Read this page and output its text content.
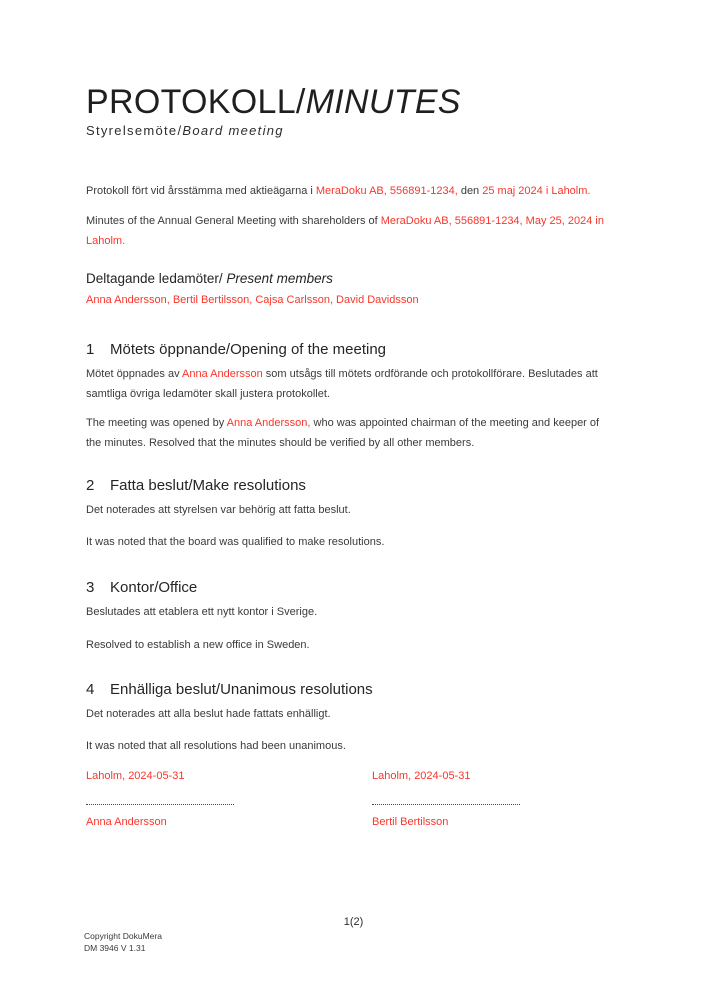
PROTOKOLL/MINUTES
Styrelsemöte/Board meeting

Protokoll fört vid årsstämma med aktieägarna i MeraDoku AB, 556891-1234, den 25 maj 2024 i Laholm.

Minutes of the Annual General Meeting with shareholders of MeraDoku AB, 556891-1234, May 25, 2024 in Laholm.

Deltagande ledamöter/ Present members
Anna Andersson, Bertil Bertilsson, Cajsa Carlsson, David Davidsson
1	Mötets öppnande/Opening of the meeting

Mötet öppnades av Anna Andersson som utsågs till mötets ordförande och protokollförare. Beslutades att samtliga övriga ledamöter skall justera protokollet.

The meeting was opened by Anna Andersson, who was appointed chairman of the meeting and keeper of the minutes. Resolved that the minutes should be verified by all other members.

2	Fatta beslut/Make resolutions

Det noterades att styrelsen var behörig att fatta beslut.

It was noted that the board was qualified to make resolutions.

3	Kontor/Office

Beslutades att etablera ett nytt kontor i Sverige.

Resolved to establish a new office in Sweden.

4	Enhälliga beslut/Unanimous resolutions

Det noterades att alla beslut hade fattats enhälligt.

It was noted that all resolutions had been unanimous.

Laholm, 2024-05-31
Anna Andersson
Laholm, 2024-05-31
Bertil Bertilsson
1(2)
Copyright DokuMera
DM 3946 V 1.31
